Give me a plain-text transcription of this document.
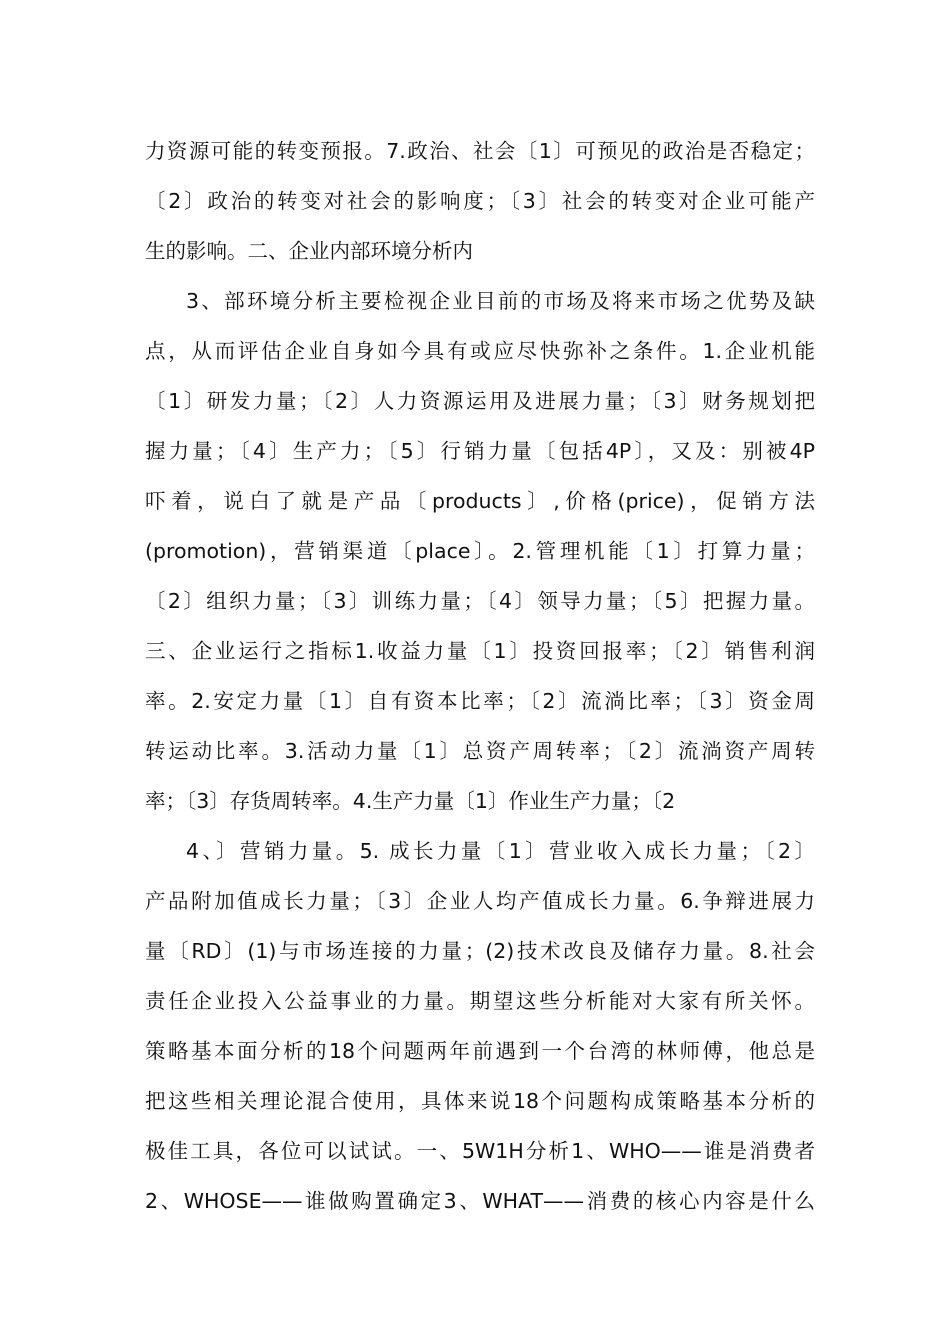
力资源可能的转变预报。7.政治、社会〔1〕可预见的政治是否稳定；
〔2〕政治的转变对社会的影响度；〔3〕社会的转变对企业可能产
生的影响。二、企业内部环境分析内
3、部环境分析主要检视企业目前的市场及将来市场之优势及缺
点，从而评估企业自身如今具有或应尽快弥补之条件。1.企业机能
〔1〕研发力量；〔2〕人力资源运用及进展力量；〔3〕财务规划把
握力量；〔4〕生产力；〔5〕行销力量〔包括4P〕，又及：别被4P
吓着，说白了就是产品〔products〕,价格(price)，促销方法
(promotion)，营销渠道〔place〕。2.管理机能〔1〕打算力量；
〔2〕组织力量；〔3〕训练力量；〔4〕领导力量；〔5〕把握力量。
三、企业运行之指标1.收益力量〔1〕投资回报率；〔2〕销售利润
率。2.安定力量〔1〕自有资本比率；〔2〕流淌比率；〔3〕资金周
转运动比率。3.活动力量〔1〕总资产周转率；〔2〕流淌资产周转
率；〔3〕存货周转率。4.生产力量〔1〕作业生产力量；〔2
4、〕营销力量。5. 成长力量〔1〕营业收入成长力量；〔2〕
产品附加值成长力量；〔3〕企业人均产值成长力量。6.争辩进展力
量〔RD〕(1)与市场连接的力量；(2)技术改良及储存力量。8.社会
责任企业投入公益事业的力量。期望这些分析能对大家有所关怀。
策略基本面分析的18个问题两年前遇到一个台湾的林师傅，他总是
把这些相关理论混合使用，具体来说18个问题构成策略基本分析的
极佳工具，各位可以试试。一、5W1H分析1、WHO——谁是消费者
2、WHOSE——谁做购置确定3、WHAT——消费的核心内容是什么
